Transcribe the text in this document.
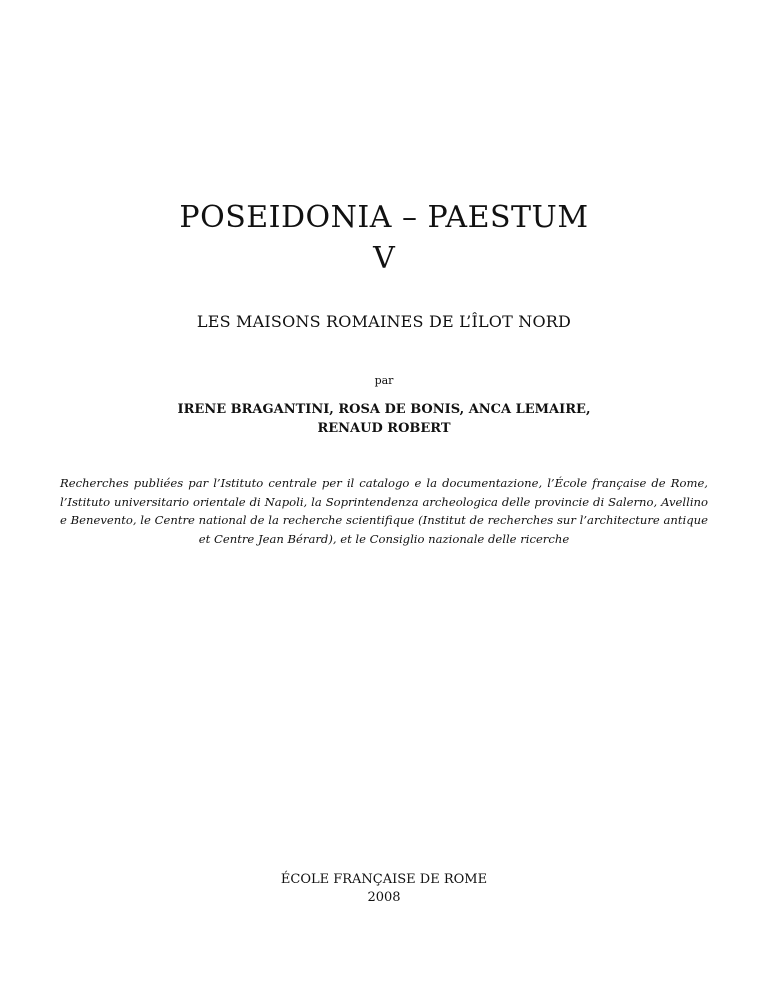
POSEIDONIA – PAESTUM
V
LES MAISONS ROMAINES DE L’ÎLOT NORD
par
IRENE BRAGANTINI, ROSA DE BONIS, ANCA LEMAIRE,
RENAUD ROBERT
Recherches publiées par l’Istituto centrale per il catalogo e la documentazione, l’École française de Rome, l’Istituto universitario orientale di Napoli, la Soprintendenza archeologica delle provincie di Salerno, Avellino e Benevento, le Centre national de la recherche scientifique (Institut de recherches sur l’architecture antique et Centre Jean Bérard), et le Consiglio nazionale delle ricerche
ÉCOLE FRANÇAISE DE ROME
2008
